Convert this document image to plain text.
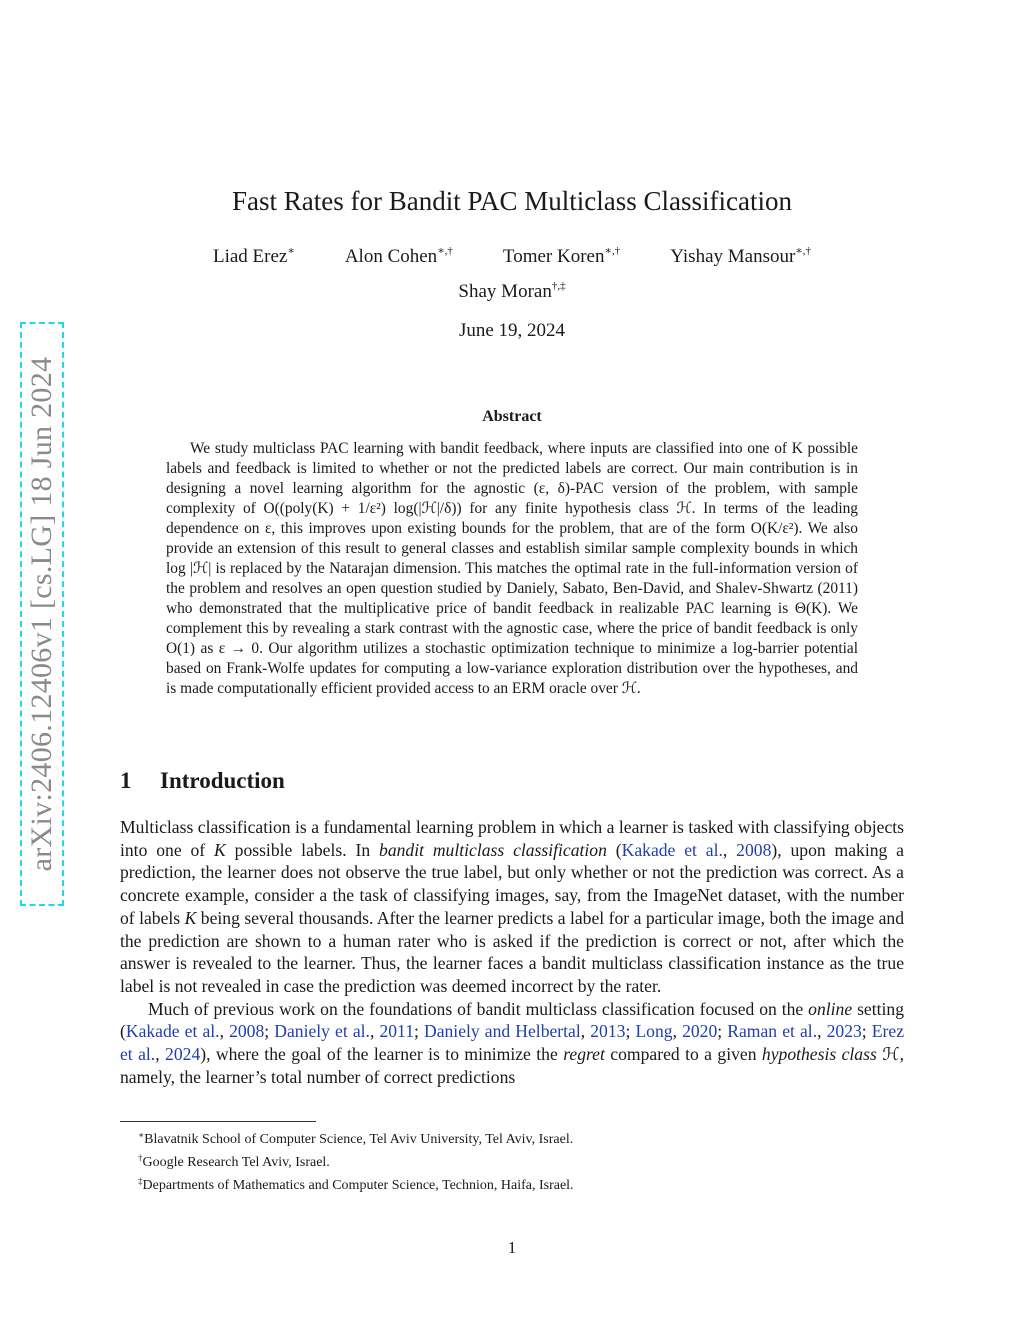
arXiv:2406.12406v1 [cs.LG] 18 Jun 2024
Fast Rates for Bandit PAC Multiclass Classification
Liad Erez∗	Alon Cohen∗,†	Tomer Koren∗,†	Yishay Mansour∗,†
Shay Moran†,‡
June 19, 2024
Abstract

We study multiclass PAC learning with bandit feedback, where inputs are classified into one of K possible labels and feedback is limited to whether or not the predicted labels are correct. Our main contribution is in designing a novel learning algorithm for the agnostic (ε, δ)-PAC version of the problem, with sample complexity of O((poly(K) + 1/ε²) log(|ℋ|/δ)) for any finite hypothesis class ℋ. In terms of the leading dependence on ε, this improves upon existing bounds for the problem, that are of the form O(K/ε²). We also provide an extension of this result to general classes and establish similar sample complexity bounds in which log |ℋ| is replaced by the Natarajan dimension. This matches the optimal rate in the full-information version of the problem and resolves an open question studied by Daniely, Sabato, Ben-David, and Shalev-Shwartz (2011) who demonstrated that the multiplicative price of bandit feedback in realizable PAC learning is Θ(K). We complement this by revealing a stark contrast with the agnostic case, where the price of bandit feedback is only O(1) as ε → 0. Our algorithm utilizes a stochastic optimization technique to minimize a log-barrier potential based on Frank-Wolfe updates for computing a low-variance exploration distribution over the hypotheses, and is made computationally efficient provided access to an ERM oracle over ℋ.

1 Introduction

Multiclass classification is a fundamental learning problem in which a learner is tasked with classifying objects into one of K possible labels. In bandit multiclass classification (Kakade et al., 2008), upon making a prediction, the learner does not observe the true label, but only whether or not the prediction was correct. As a concrete example, consider a the task of classifying images, say, from the ImageNet dataset, with the number of labels K being several thousands. After the learner predicts a label for a particular image, both the image and the prediction are shown to a human rater who is asked if the prediction is correct or not, after which the answer is revealed to the learner. Thus, the learner faces a bandit multiclass classification instance as the true label is not revealed in case the prediction was deemed incorrect by the rater.

Much of previous work on the foundations of bandit multiclass classification focused on the online setting (Kakade et al., 2008; Daniely et al., 2011; Daniely and Helbertal, 2013; Long, 2020; Raman et al., 2023; Erez et al., 2024), where the goal of the learner is to minimize the regret compared to a given hypothesis class ℋ, namely, the learner’s total number of correct predictions

∗Blavatnik School of Computer Science, Tel Aviv University, Tel Aviv, Israel.
†Google Research Tel Aviv, Israel.
‡Departments of Mathematics and Computer Science, Technion, Haifa, Israel.
1
